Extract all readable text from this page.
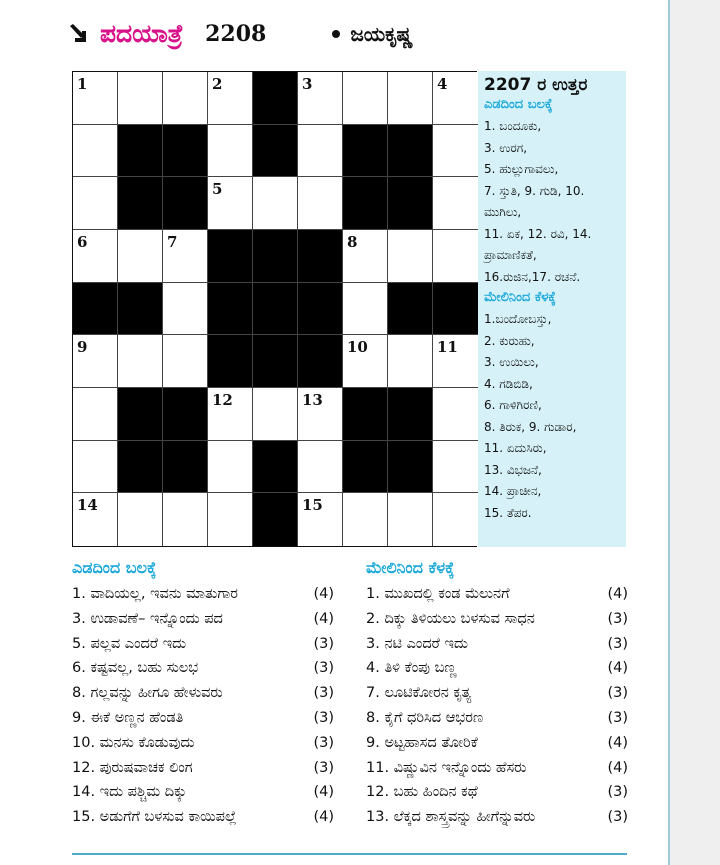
ಪದಯಾತ್ರೆ 2208	ಜಯಕೃಷ್ಣ
1	2	3	4
5
6	7	8
9	10	11
12	13
14	15
2207 ರ ಉತ್ತರ
ಎಡದಿಂದ ಬಲಕ್ಕೆ
1. ಬಂದೂಕು,
3. ಉರಗ,
5. ಹುಲ್ಲುಗಾವಲು,
7. ಸ್ತುತಿ, 9. ಗುಡಿ, 10.
ಮುಗಿಲು,
11. ಏಕ, 12. ರವಿ, 14.
ಪ್ರಾಮಾಣಿಕತೆ,
16.ರುಜಿನ,17. ರಚನೆ.
ಮೇಲಿನಿಂದ ಕೆಳಕ್ಕೆ
1.ಬಂದೋಬಸ್ತು,
2. ಕುರುಹು,
3. ಉಯಿಲು,
4. ಗಡಿಬಿಡಿ,
6. ಗಾಳಿಗಿರಣಿ,
8. ತಿರುಕ, 9. ಗುಡಾರ,
11. ಏದುಸಿರು,
13. ವಿಭಜನೆ,
14. ಪ್ರಾಚೀನ,
15. ತೆಪರ.
ಎಡದಿಂದ ಬಲಕ್ಕೆ
1. ವಾದಿಯಲ್ಲ, ಇವನು ಮಾತುಗಾರ	(4)
3. ಉಡಾವಣೆ– ಇನ್ನೊಂದು ಪದ	(4)
5. ಪಲ್ಲವ ಎಂದರೆ ಇದು	(3)
6. ಕಷ್ಟವಲ್ಲ, ಬಹು ಸುಲಭ	(3)
8. ಗಲ್ಲವನ್ನು ಹೀಗೂ ಹೇಳುವರು	(3)
9. ಈಕೆ ಅಣ್ಣನ ಹೆಂಡತಿ	(3)
10. ಮನಸು ಕೊಡುವುದು	(3)
12. ಪುರುಷವಾಚಕ ಲಿಂಗ	(3)
14. ಇದು ಪಶ್ಚಿಮ ದಿಕ್ಕು	(4)
15. ಅಡುಗೆಗೆ ಬಳಸುವ ಕಾಯಿಪಲ್ಲೆ	(4)
ಮೇಲಿನಿಂದ ಕೆಳಕ್ಕೆ
1. ಮುಖದಲ್ಲಿ ಕಂಡ ಮೆಲುನಗೆ	(4)
2. ದಿಕ್ಕು ತಿಳಿಯಲು ಬಳಸುವ ಸಾಧನ	(3)
3. ನಟಿ ಎಂದರೆ ಇದು	(3)
4. ತಿಳಿ ಕೆಂಪು ಬಣ್ಣ	(4)
7. ಲೂಟಿಕೋರನ ಕೃತ್ಯ	(3)
8. ಕೈಗೆ ಧರಿಸಿದ ಆಭರಣ	(3)
9. ಅಟ್ಟಹಾಸದ ತೋರಿಕೆ	(4)
11. ವಿಷ್ಣುವಿನ ಇನ್ನೊಂದು ಹೆಸರು	(4)
12. ಬಹು ಹಿಂದಿನ ಕಥೆ	(3)
13. ಲೆಕ್ಕದ ಶಾಸ್ತ್ರವನ್ನು ಹೀಗೆನ್ನುವರು	(3)
